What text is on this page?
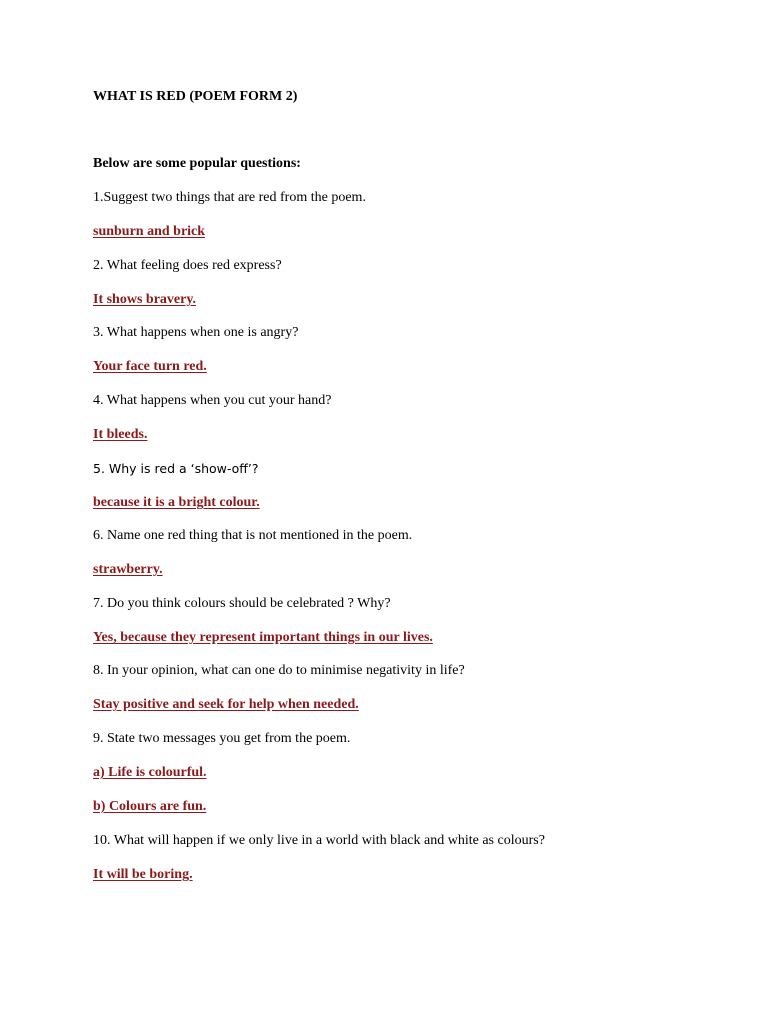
WHAT IS RED (POEM FORM 2)
Below are some popular questions:
1.Suggest two things that are red from the poem.
sunburn and brick
2. What feeling does red express?
It shows bravery.
3. What happens when one is angry?
Your face turn red.
4. What happens when you cut your hand?
It bleeds.
5. Why is red a ‘show-off’?
because it is a bright colour.
6. Name one red thing that is not mentioned in the poem.
strawberry.
7. Do you think colours should be celebrated ? Why?
Yes, because they represent important things in our lives.
8. In your opinion, what can one do to minimise negativity in life?
Stay positive and seek for help when needed.
9. State two messages you get from the poem.
a) Life is colourful.
b) Colours are fun.
10. What will happen if we only live in a world with black and white as colours?
It will be boring.
